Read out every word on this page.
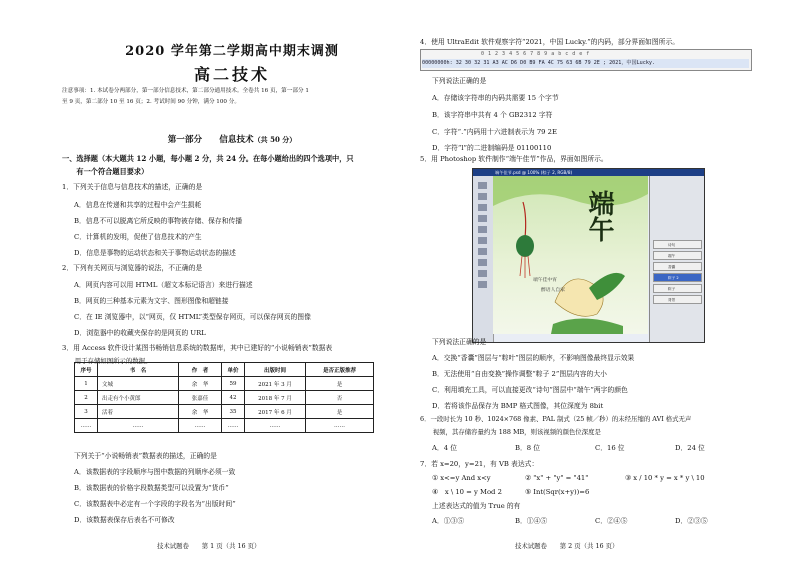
2020 学年第二学期高中期末调测
高二技术
注意事项：1. 本试卷分两部分，第一部分信息技术，第二部分通用技术。全卷共 16 页，第一部分 1
至 9 页，第二部分 10 至 16 页；2. 考试时间 90 分钟，满分 100 分。
第一部分　　信息技术（共 50 分）
一、选择题（本大题共 12 小题，每小题 2 分，共 24 分。在每小题给出的四个选项中，只
　　有一个符合题目要求）
1．下列关于信息与信息技术的描述，正确的是
A．信息在传递和共享的过程中会产生损耗
B．信息不可以脱离它所反映的事物被存储、保存和传播
C．计算机的发明，促使了信息技术的产生
D．信息是事物的运动状态和关于事物运动状态的描述
2．下列有关网页与浏览器的说法，不正确的是
A．网页内容可以用 HTML（超文本标记语言）来进行描述
B．网页的三种基本元素为文字、图形图像和超链接
C．在 IE 浏览器中，以“网页，仅 HTML”类型保存网页，可以保存网页的图像
D．浏览器中的收藏夹保存的是网页的 URL
3．用 Access 软件设计某图书畅销信息系统的数据库，其中已建好的“小说畅销表”数据表
　　用于存储如图所示的数据。
序号	书　名	作　者	单价	出版时间	是否正版推荐
1	文城	余　华	59	2021 年 3 月	是
2	出走有个小黄郎	张嘉佳	42	2018 年 7 月	否
3	活着	余　华	35	2017 年 6 月	是
……	……	……	……	……	……
下列关于“小说畅销表”数据表的描述，正确的是
A．该数据表的字段顺序与图中数据的列顺序必须一致
B．该数据表的价格字段数据类型可以设置为“货币”
C．该数据表中必定有一个字段的字段名为“出版时间”
D．该数据表保存后表名不可修改
技术试题卷　　第 1 页（共 16 页）
4．使用 UltraEdit 软件观察字符“2021，中国 Lucky.”的内码，部分界面如图所示。
0 1 2 3 4 5 6 7 8 9 a b c d e f
00000000h: 32 30 32 31 A3 AC D6 D0 B9 FA 4C 75 63 6B 79 2E ; 2021，中国Lucky.
下列说法正确的是
A．存储该字符串的内码共需要 15 个字节
B．该字符串中共有 4 个 GB2312 字符
C．字符“.”内码用十六进制表示为 79 2E
D．字符“l”的二进制编码是 01100110
5．用 Photoshop 软件制作“端午佳节”作品，界面如图所示。
端午佳节.psd @ 100% (粽子 2, RGB/8)
端午
端午佳中宵
醉语人自家
诗句
端午
香囊
粽子 2
粽子
背景
下列说法正确的是
A．交换“香囊”图层与“粽叶”图层的顺序，不影响图像最终显示效果
B．无法使用“自由变换”操作调整“粽子 2”图层内容的大小
C．利用填充工具，可以直接更改“诗句”图层中“端午”两字的颜色
D．若将该作品保存为 BMP 格式图像，其位深度为 8bit
6．一段时长为 10 秒、1024×768 像素、PAL 制式（25 帧／秒）的未经压缩的 AVI 格式无声
　　视频，其存储容量约为 188 MB，则该视频的颜色位深度是
A．4 位	B．8 位	C．16 位	D．24 位
7．若 x=20，y=21，有 VB 表达式：
① x<=y And x<y	② "x" + "y" = "41"	③ x / 10 * y = x * y \ 10
④　x \ 10 = y Mod 2	⑤ Int(Sqr(x+y))=6
上述表达式的值为 True 的有
A．①③⑤	B．①④⑤	C．②④⑤	D．②③⑤
技术试题卷　　第 2 页（共 16 页）
